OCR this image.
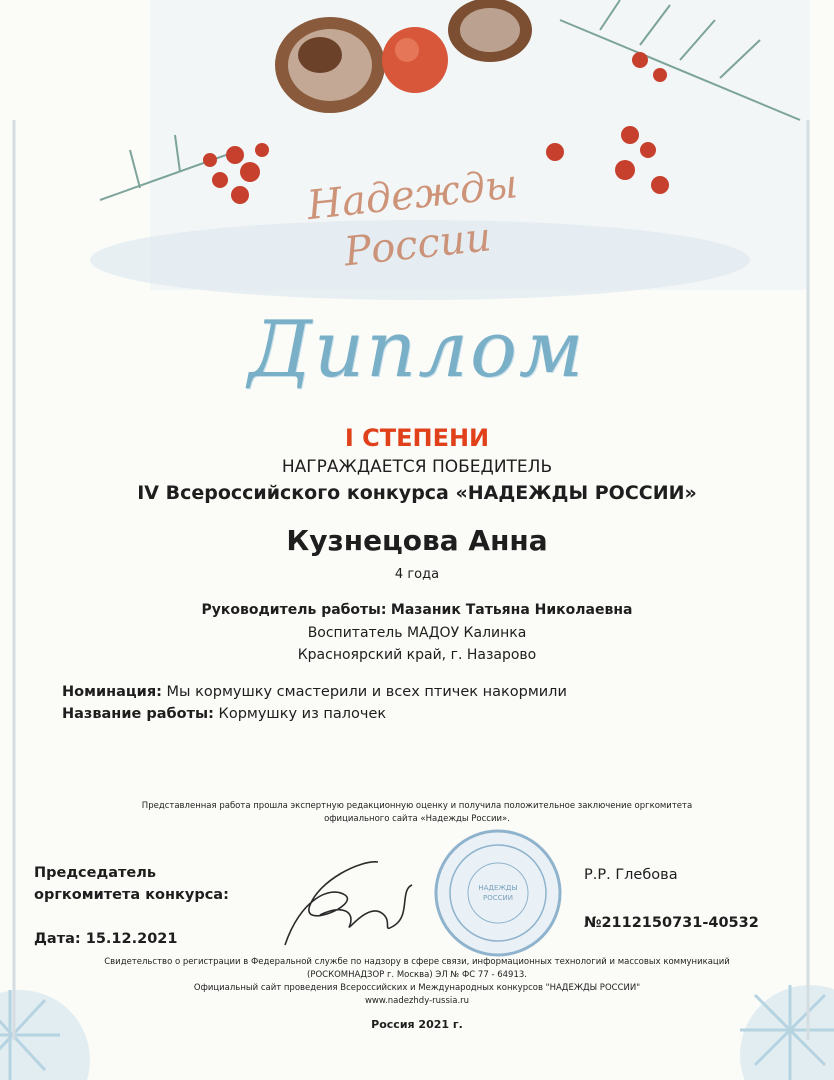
НАДЕЖДЫ
РОССИИ
Надежды
России
Диплом
I СТЕПЕНИ
НАГРАЖДАЕТСЯ ПОБЕДИТЕЛЬ
IV Всероссийского конкурса «НАДЕЖДЫ РОССИИ»
Кузнецова Анна
4 года
Руководитель работы: Мазаник Татьяна Николаевна
Воспитатель МАДОУ Калинка
Красноярский край, г. Назарово
Номинация: Мы кормушку смастерили и всех птичек накормили
Название работы: Кормушку из палочек
Представленная работа прошла экспертную редакционную оценку и получила положительное заключение оргкомитета
официального сайта «Надежды России».
Председатель
оргкомитета конкурса:
Дата: 15.12.2021
Р.Р. Глебова
№2112150731-40532
Свидетельство о регистрации в Федеральной службе по надзору в сфере связи, информационных технологий и массовых коммуникаций
(РОСКОМНАДЗОР г. Москва) ЭЛ № ФС 77 - 64913.
Официальный сайт проведения Всероссийских и Международных конкурсов "НАДЕЖДЫ РОССИИ"
www.nadezhdy-russia.ru
Россия 2021 г.
